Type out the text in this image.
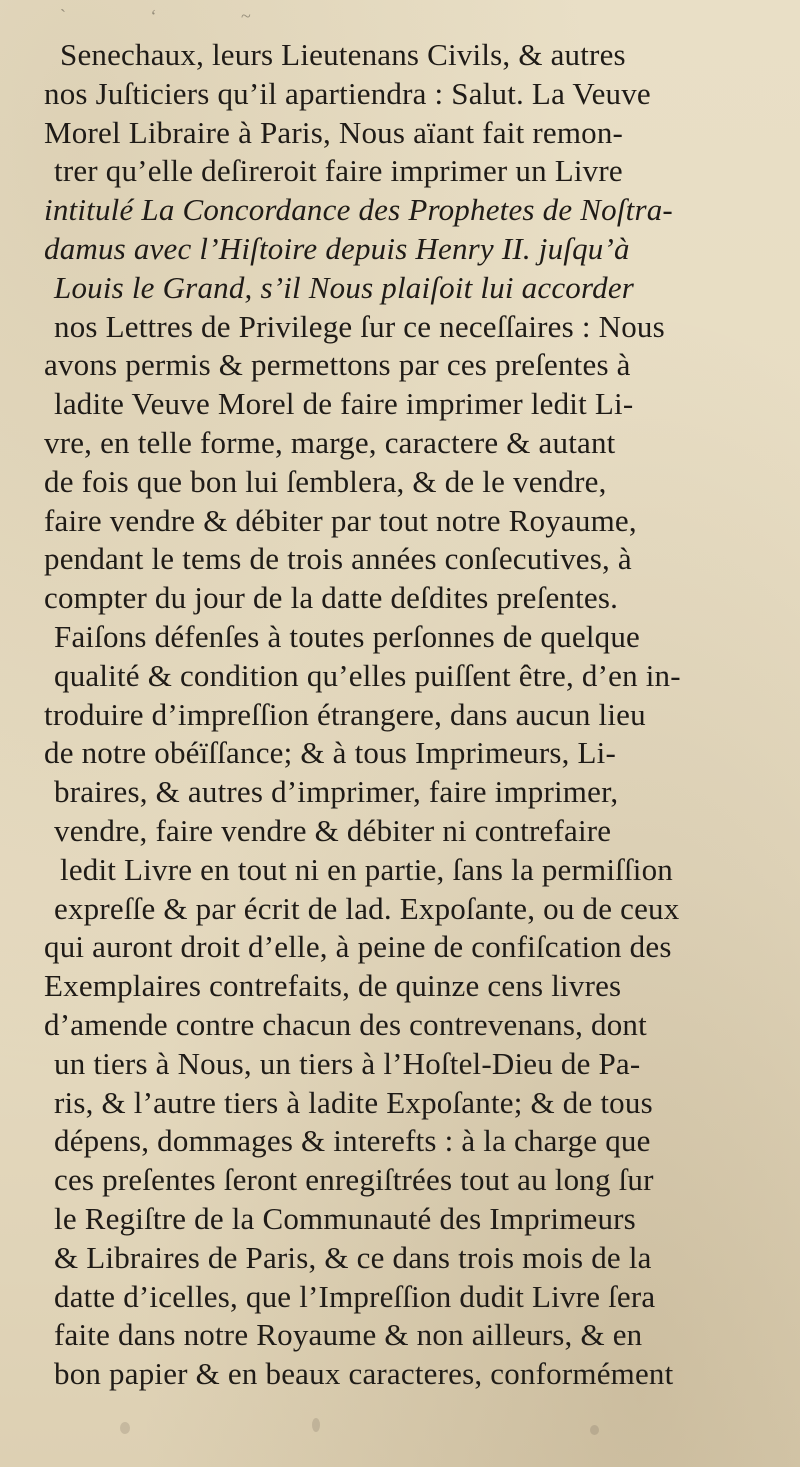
` ‘ ~
Senechaux, leurs Lieutenans Civils, & autres
nos Juſticiers qu’il apartiendra : Salut. La Veuve
Morel Libraire à Paris, Nous aïant fait remon-
trer qu’elle deſireroit faire imprimer un Livre
intitulé La Concordance des Prophetes de Noſtra-
damus avec l’Hiſtoire depuis Henry II. juſqu’à
Louis le Grand, s’il Nous plaiſoit lui accorder
nos Lettres de Privilege ſur ce neceſſaires : Nous
avons permis & permettons par ces preſentes à
ladite Veuve Morel de faire imprimer ledit Li-
vre, en telle forme, marge, caractere & autant
de fois que bon lui ſemblera, & de le vendre,
faire vendre & débiter par tout notre Royaume,
pendant le tems de trois années conſecutives, à
compter du jour de la datte deſdites preſentes.
Faiſons défenſes à toutes perſonnes de quelque
qualité & condition qu’elles puiſſent être, d’en in-
troduire d’impreſſion étrangere, dans aucun lieu
de notre obéïſſance; & à tous Imprimeurs, Li-
braires, & autres d’imprimer, faire imprimer,
vendre, faire vendre & débiter ni contrefaire
ledit Livre en tout ni en partie, ſans la permiſſion
expreſſe & par écrit de lad. Expoſante, ou de ceux
qui auront droit d’elle, à peine de confiſcation des
Exemplaires contrefaits, de quinze cens livres
d’amende contre chacun des contrevenans, dont
un tiers à Nous, un tiers à l’Hoſtel-Dieu de Pa-
ris, & l’autre tiers à ladite Expoſante; & de tous
dépens, dommages & interefts : à la charge que
ces preſentes ſeront enregiſtrées tout au long ſur
le Regiſtre de la Communauté des Imprimeurs
& Libraires de Paris, & ce dans trois mois de la
datte d’icelles, que l’Impreſſion dudit Livre ſera
faite dans notre Royaume & non ailleurs, & en
bon papier & en beaux caracteres, conformément
